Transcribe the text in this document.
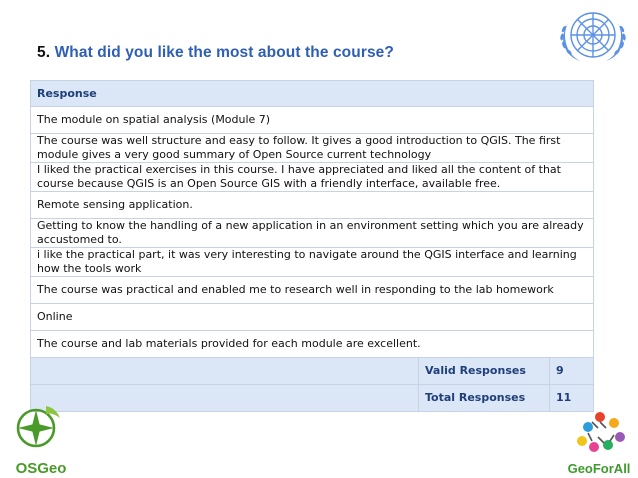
5. What did you like the most about the course?
Response		
The module on spatial analysis (Module 7)		
The course was well structure and easy to follow. It gives a good introduction to QGIS. The first module gives a very good summary of Open Source current technology		
I liked the practical exercises in this course. I have appreciated and liked all the content of that course because QGIS is an Open Source GIS with a friendly interface, available free.		
Remote sensing application.		
Getting to know the handling of a new application in an environment setting which you are already accustomed to.		
i like the practical part, it was very interesting to navigate around the QGIS interface and learning how the tools work		
The course was practical and enabled me to research well in responding to the lab homework		
Online		
The course and lab materials provided for each module are excellent.		
	Valid Responses	9
	Total Responses	11
OSGeo	GeoForAll
